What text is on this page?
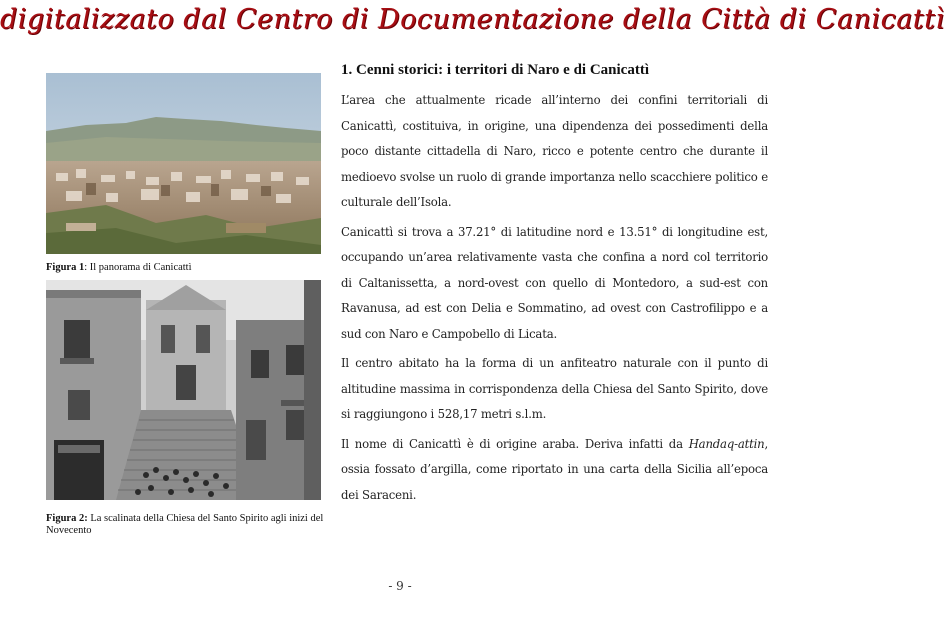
digitalizzato dal Centro di Documentazione della Città di Canicattì
Figura 1: Il panorama di Canicattì
Figura 2: La scalinata della Chiesa del Santo Spirito agli inizi del Novecento
1. Cenni storici: i territori di Naro e di Canicattì

L’area che attualmente ricade all’interno dei confini territoriali di Canicattì, costituiva, in origine, una dipendenza dei possedimenti della poco distante cittadella di Naro, ricco e potente centro che durante il medioevo svolse un ruolo di grande importanza nello scacchiere politico e culturale dell’Isola.

Canicattì si trova a 37.21° di latitudine nord e 13.51° di longitudine est, occupando un’area relativamente vasta che confina a nord col territorio di Caltanissetta, a nord-ovest con quello di Montedoro, a sud-est con Ravanusa, ad est con Delia e Sommatino, ad ovest con Castrofilippo e a sud con Naro e Campobello di Licata.

Il centro abitato ha la forma di un anfiteatro naturale con il punto di altitudine massima in corrispondenza della Chiesa del Santo Spirito, dove si raggiungono i 528,17 metri s.l.m.

Il nome di Canicattì è di origine araba. Deriva infatti da Handaq-attin, ossia fossato d’argilla, come riportato in una carta della Sicilia all’epoca dei Saraceni.

- 9 -
